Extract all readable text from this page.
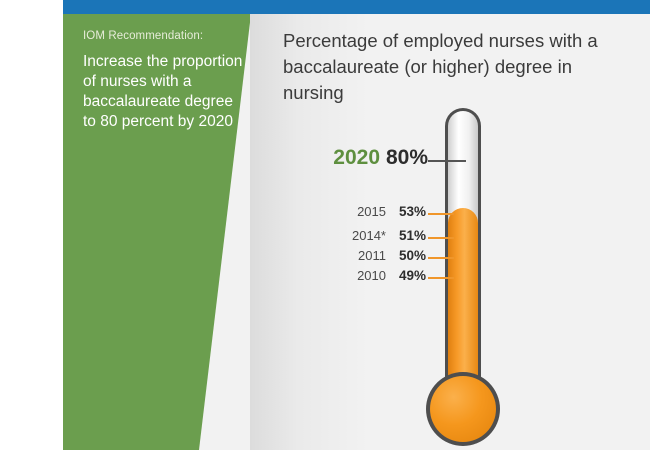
IOM Recommendation:
Increase the proportion of nurses with a baccalaureate degree to 80 percent by 2020
Percentage of employed nurses with a baccalaureate (or higher) degree in nursing
2020 80%
2015 53%
2014* 51%
2011 50%
2010 49%
